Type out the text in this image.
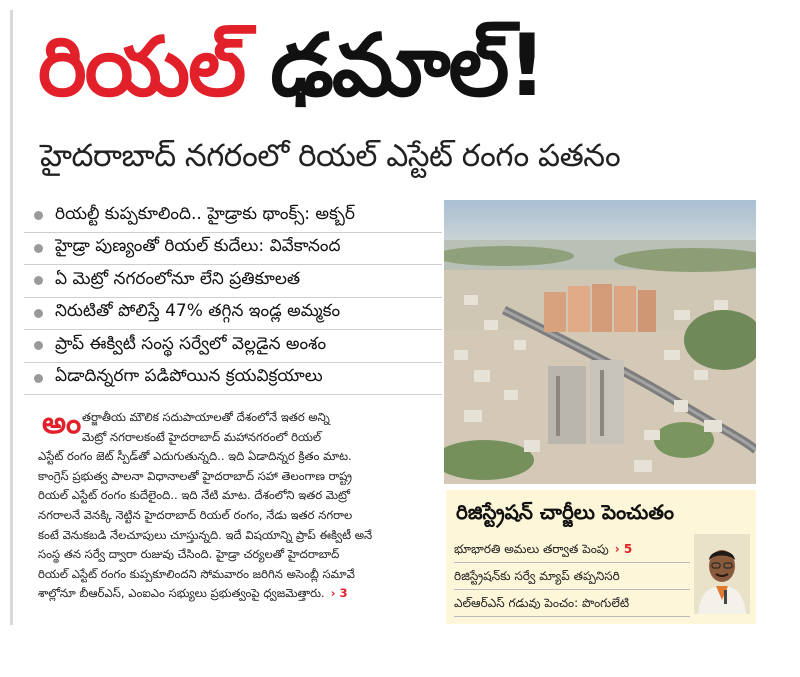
రియల్ ఢమాల్!
హైదరాబాద్ నగరంలో రియల్ ఎస్టేట్ రంగం పతనం
రియల్టీ కుప్పకూలింది.. హైడ్రాకు థాంక్స్: అక్బర్
హైడ్రా పుణ్యంతో రియల్ కుదేలు: వివేకానంద
ఏ మెట్రో నగరంలోనూ లేని ప్రతికూలత
నిరుటితో పోలిస్తే 47% తగ్గిన ఇండ్ల అమ్మకం
ప్రాప్ ఈక్విటీ సంస్థ సర్వేలో వెల్లడైన అంశం
ఏడాదిన్నరగా పడిపోయిన క్రయవిక్రయాలు
అం తర్జాతీయ మౌలిక సదుపాయాలతో దేశంలోనే ఇతర అన్ని
మెట్రో నగరాలకంటే హైదరాబాద్ మహానగరంలో రియల్
ఎస్టేట్ రంగం జెట్ స్పీడ్‌తో ఎదుగుతున్నది.. ఇది ఏడాదిన్నర క్రితం మాట.
కాంగ్రెస్ ప్రభుత్వ పాలనా విధానాలతో హైదరాబాద్ సహా తెలంగాణ రాష్ట్ర
రియల్ ఎస్టేట్ రంగం కుదేలైంది.. ఇది నేటి మాట. దేశంలోని ఇతర మెట్రో
నగరాలనే వెనక్కి నెట్టిన హైదరాబాద్ రియల్ రంగం, నేడు ఇతర నగరాల
కంటే వెనుకబడి నేలచూపులు చూస్తున్నది. ఇదే విషయాన్ని ప్రాప్ ఈక్విటీ అనే
సంస్థ తన సర్వే ద్వారా రుజువు చేసింది. హైడ్రా చర్యలతో హైదరాబాద్
రియల్ ఎస్టేట్ రంగం కుప్పకూలిందని సోమవారం జరిగిన అసెంబ్లీ సమావే
శాల్లోనూ బీఆర్ఎస్, ఎంఐఎం సభ్యులు ప్రభుత్వంపై ధ్వజమెత్తారు. › 3
రిజిస్ట్రేషన్ చార్జీలు పెంచుతం
భూభారతి అమలు తర్వాత పెంపు › 5
రిజిస్ట్రేషన్‌కు సర్వే మ్యాప్ తప్పనిసరి
ఎల్‌ఆర్ఎస్ గడువు పెంచం: పొంగులేటి
